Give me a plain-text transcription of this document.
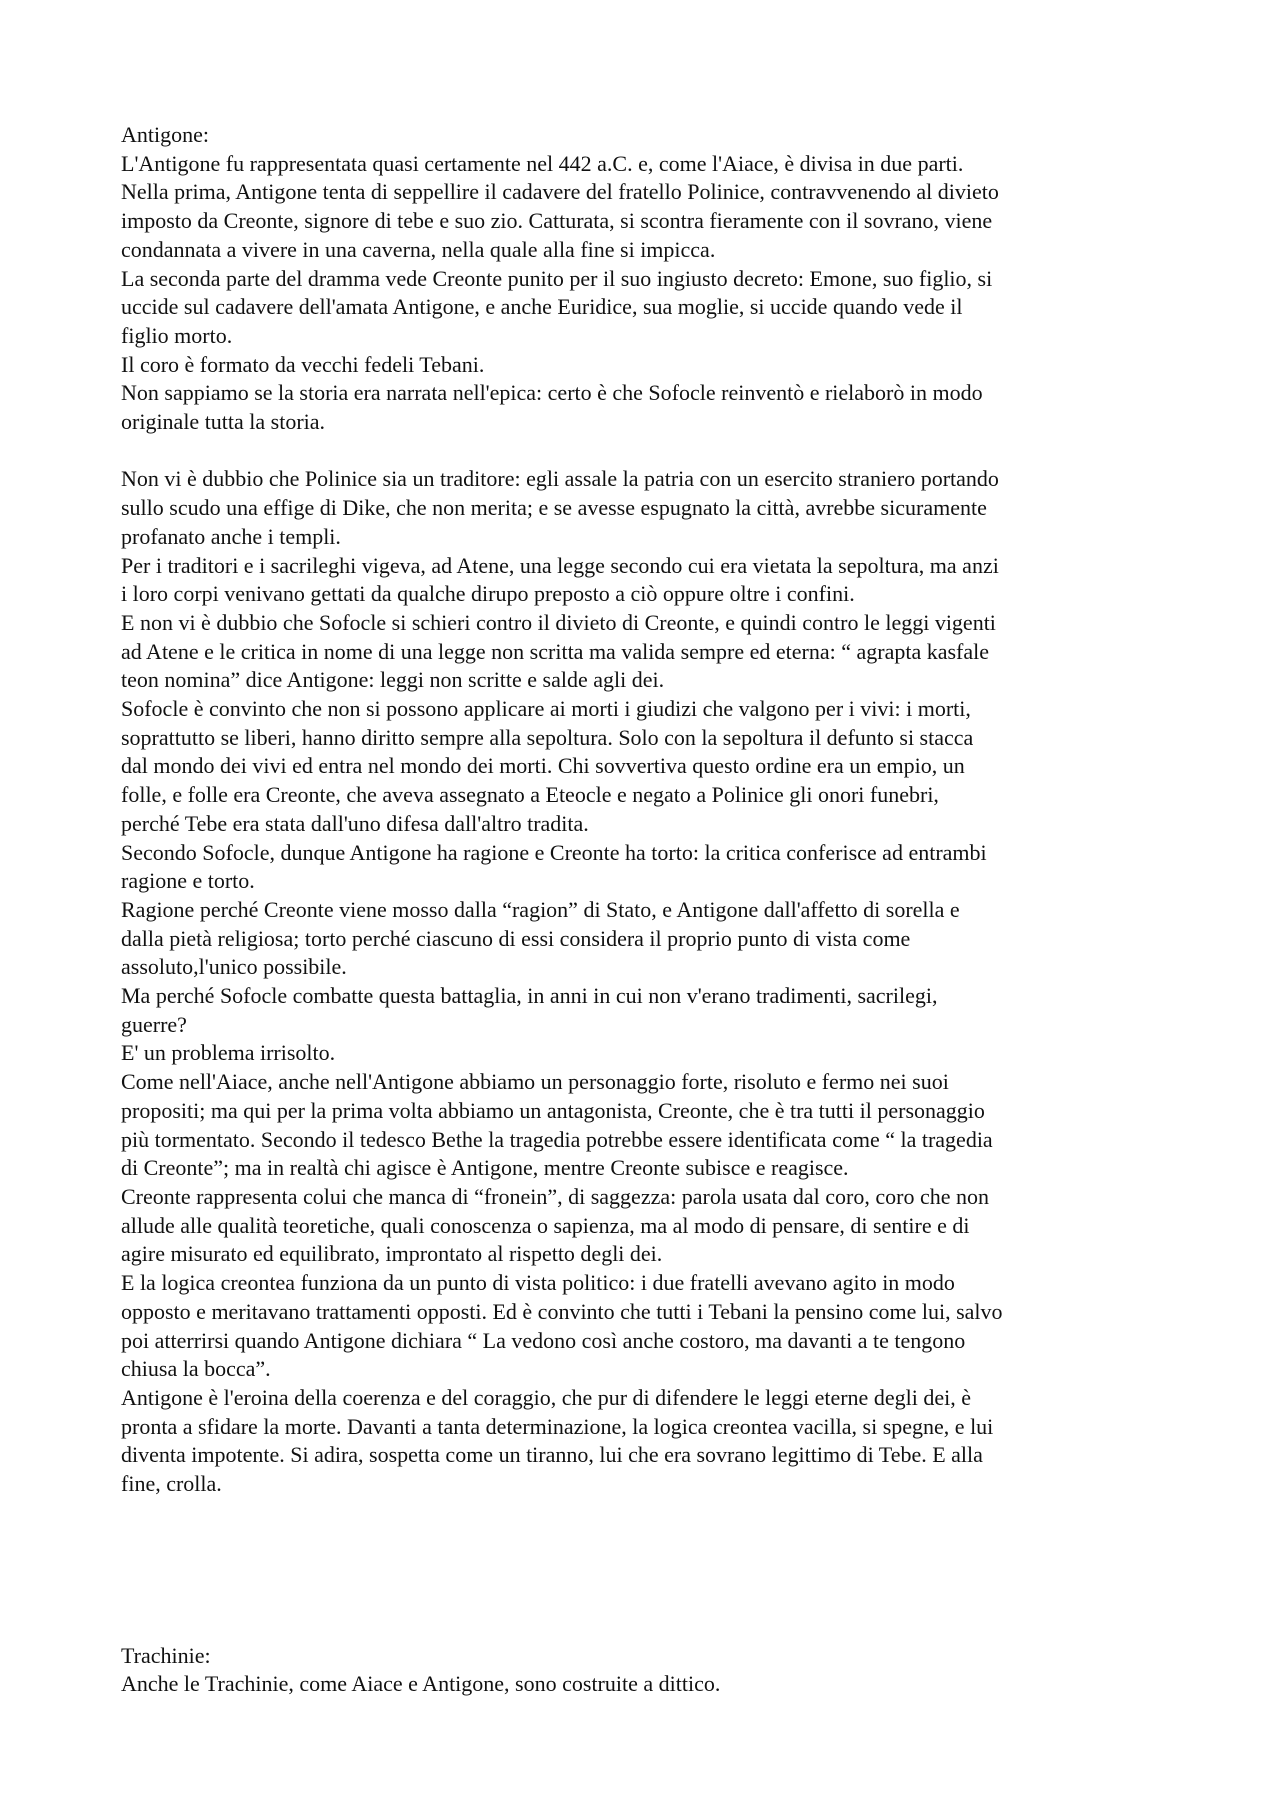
Antigone:
L'Antigone fu rappresentata quasi certamente nel 442 a.C. e, come l'Aiace, è divisa in due parti.
Nella prima, Antigone tenta di seppellire il cadavere del fratello Polinice, contravvenendo al divieto
imposto da Creonte, signore di tebe e suo zio. Catturata, si scontra fieramente con il sovrano, viene
condannata a vivere in una caverna, nella quale alla fine si impicca.
La seconda parte del dramma vede Creonte punito per il suo ingiusto decreto: Emone, suo figlio, si
uccide sul cadavere dell'amata Antigone, e anche Euridice, sua moglie, si uccide quando vede il
figlio morto.
Il coro è formato da vecchi fedeli Tebani.
Non sappiamo se la storia era narrata nell'epica: certo è che Sofocle reinventò e rielaborò in modo
originale tutta la storia.
Non vi è dubbio che Polinice sia un traditore: egli assale la patria con un esercito straniero portando
sullo scudo una effige di Dike, che non merita; e se avesse espugnato la città, avrebbe sicuramente
profanato anche i templi.
Per i traditori e i sacrileghi vigeva, ad Atene, una legge secondo cui era vietata la sepoltura, ma anzi
i loro corpi venivano gettati da qualche dirupo preposto a ciò oppure oltre i confini.
E non vi è dubbio che Sofocle si schieri contro il divieto di Creonte, e quindi contro le leggi vigenti
ad Atene e le critica in nome di una legge non scritta ma valida sempre ed eterna: “ agrapta kasfale
teon nomina” dice Antigone: leggi non scritte e salde agli dei.
Sofocle è convinto che non si possono applicare ai morti i giudizi che valgono per i vivi: i morti,
soprattutto se liberi, hanno diritto sempre alla sepoltura. Solo con la sepoltura il defunto si stacca
dal mondo dei vivi ed entra nel mondo dei morti. Chi sovvertiva questo ordine era un empio, un
folle, e folle era Creonte, che aveva assegnato a Eteocle e negato a Polinice gli onori funebri,
perché Tebe era stata dall'uno difesa dall'altro tradita.
Secondo Sofocle, dunque Antigone ha ragione e Creonte ha torto: la critica conferisce ad entrambi
ragione e torto.
Ragione perché Creonte viene mosso dalla “ragion” di Stato, e Antigone dall'affetto di sorella e
dalla pietà religiosa; torto perché ciascuno di essi considera il proprio punto di vista come
assoluto,l'unico possibile.
Ma perché Sofocle combatte questa battaglia, in anni in cui non v'erano tradimenti, sacrilegi,
guerre?
E' un problema irrisolto.
Come nell'Aiace, anche nell'Antigone abbiamo un personaggio forte, risoluto e fermo nei suoi
propositi; ma qui per la prima volta abbiamo un antagonista, Creonte, che è tra tutti il personaggio
più tormentato. Secondo il tedesco Bethe la tragedia potrebbe essere identificata come “ la tragedia
di Creonte”; ma in realtà chi agisce è Antigone, mentre Creonte subisce e reagisce.
Creonte rappresenta colui che manca di “fronein”, di saggezza: parola usata dal coro, coro che non
allude alle qualità teoretiche, quali conoscenza o sapienza, ma al modo di pensare, di sentire e di
agire misurato ed equilibrato, improntato al rispetto degli dei.
E la logica creontea funziona da un punto di vista politico: i due fratelli avevano agito in modo
opposto e meritavano trattamenti opposti. Ed è convinto che tutti i Tebani la pensino come lui, salvo
poi atterrirsi quando Antigone dichiara “ La vedono così anche costoro, ma davanti a te tengono
chiusa la bocca”.
Antigone è l'eroina della coerenza e del coraggio, che pur di difendere le leggi eterne degli dei, è
pronta a sfidare la morte. Davanti a tanta determinazione, la logica creontea vacilla, si spegne, e lui
diventa impotente. Si adira, sospetta come un tiranno, lui che era sovrano legittimo di Tebe. E alla
fine, crolla.
Trachinie:
Anche le Trachinie, come Aiace e Antigone, sono costruite a dittico.
